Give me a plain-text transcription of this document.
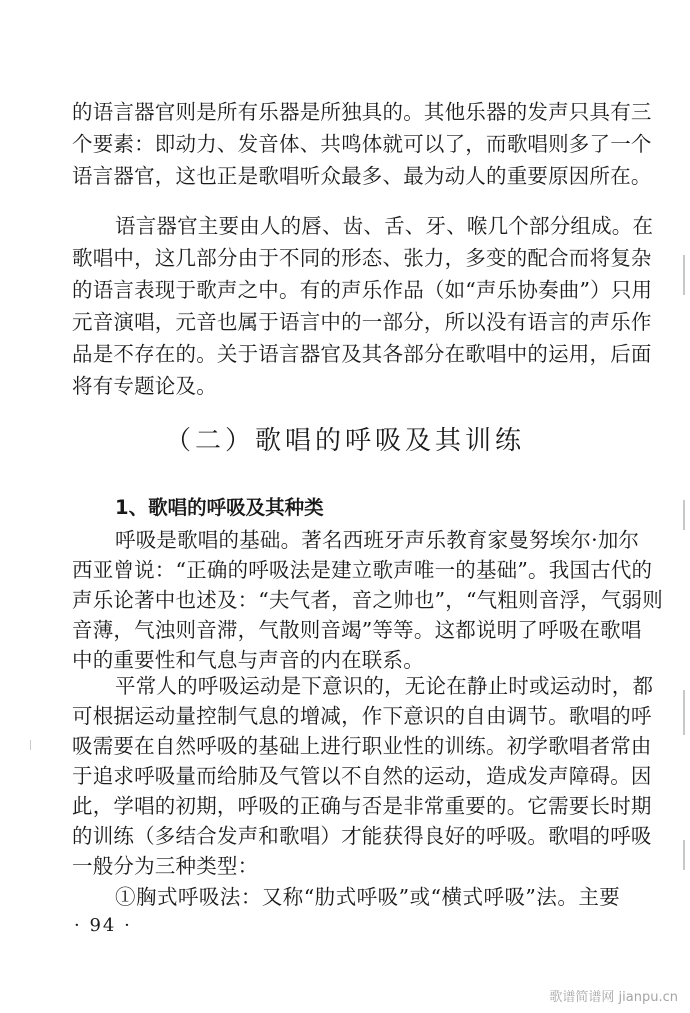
的语言器官则是所有乐器是所独具的。其他乐器的发声只具有三
个要素：即动力、发音体、共鸣体就可以了，而歌唱则多了一个
语言器官，这也正是歌唱听众最多、最为动人的重要原因所在。
语言器官主要由人的唇、齿、舌、牙、喉几个部分组成。在
歌唱中，这几部分由于不同的形态、张力，多变的配合而将复杂
的语言表现于歌声之中。有的声乐作品（如“声乐协奏曲”）只用
元音演唱，元音也属于语言中的一部分，所以没有语言的声乐作
品是不存在的。关于语言器官及其各部分在歌唱中的运用，后面
将有专题论及。
（二）歌唱的呼吸及其训练
1、歌唱的呼吸及其种类
呼吸是歌唱的基础。著名西班牙声乐教育家曼努埃尔·加尔
西亚曾说：“正确的呼吸法是建立歌声唯一的基础”。我国古代的
声乐论著中也述及：“夫气者，音之帅也”，“气粗则音浮，气弱则
音薄，气浊则音滞，气散则音竭”等等。这都说明了呼吸在歌唱
中的重要性和气息与声音的内在联系。
平常人的呼吸运动是下意识的，无论在静止时或运动时，都
可根据运动量控制气息的增减，作下意识的自由调节。歌唱的呼
吸需要在自然呼吸的基础上进行职业性的训练。初学歌唱者常由
于追求呼吸量而给肺及气管以不自然的运动，造成发声障碍。因
此，学唱的初期，呼吸的正确与否是非常重要的。它需要长时期
的训练（多结合发声和歌唱）才能获得良好的呼吸。歌唱的呼吸
一般分为三种类型：
①胸式呼吸法：又称“肋式呼吸”或“横式呼吸”法。主要
· 94 ·
歌谱简谱网 jianpu.cn
